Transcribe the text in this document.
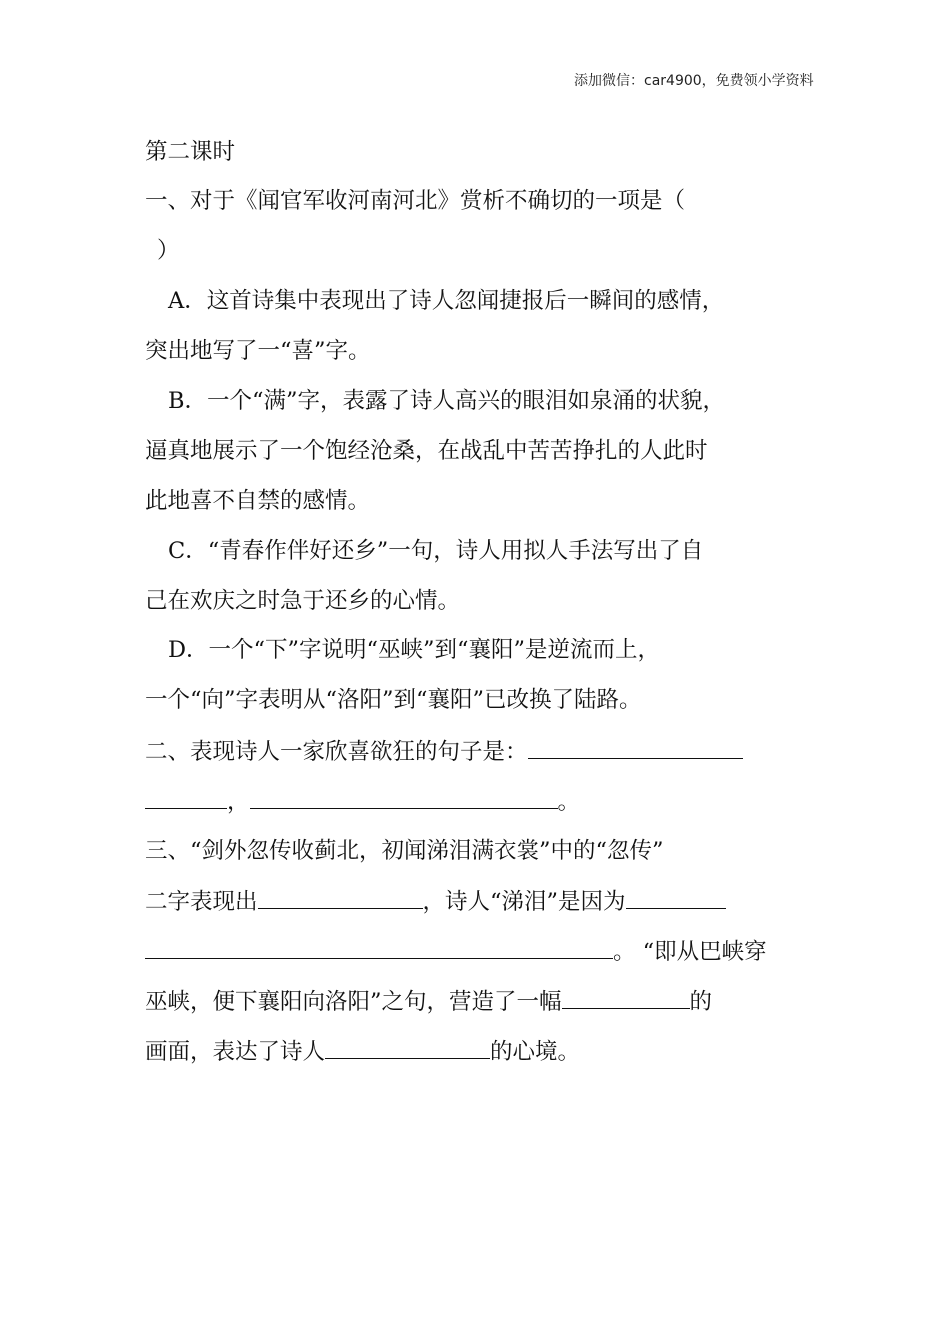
添加微信：car4900，免费领小学资料
第二课时
一、对于《闻官军收河南河北》赏析不确切的一项是（
）
A．这首诗集中表现出了诗人忽闻捷报后一瞬间的感情，
突出地写了一“喜”字。
B．一个“满”字，表露了诗人高兴的眼泪如泉涌的状貌，
逼真地展示了一个饱经沧桑，在战乱中苦苦挣扎的人此时
此地喜不自禁的感情。
C．“青春作伴好还乡”一句，诗人用拟人手法写出了自
己在欢庆之时急于还乡的心情。
D．一个“下”字说明“巫峡”到“襄阳”是逆流而上，
一个“向”字表明从“洛阳”到“襄阳”已改换了陆路。
二、表现诗人一家欣喜欲狂的句子是：
，	。
三、“剑外忽传收蓟北，初闻涕泪满衣裳”中的“忽传”
二字表现出	，诗人“涕泪”是因为
。 “即从巴峡穿
巫峡，便下襄阳向洛阳”之句，营造了一幅	的
画面，表达了诗人	的心境。
